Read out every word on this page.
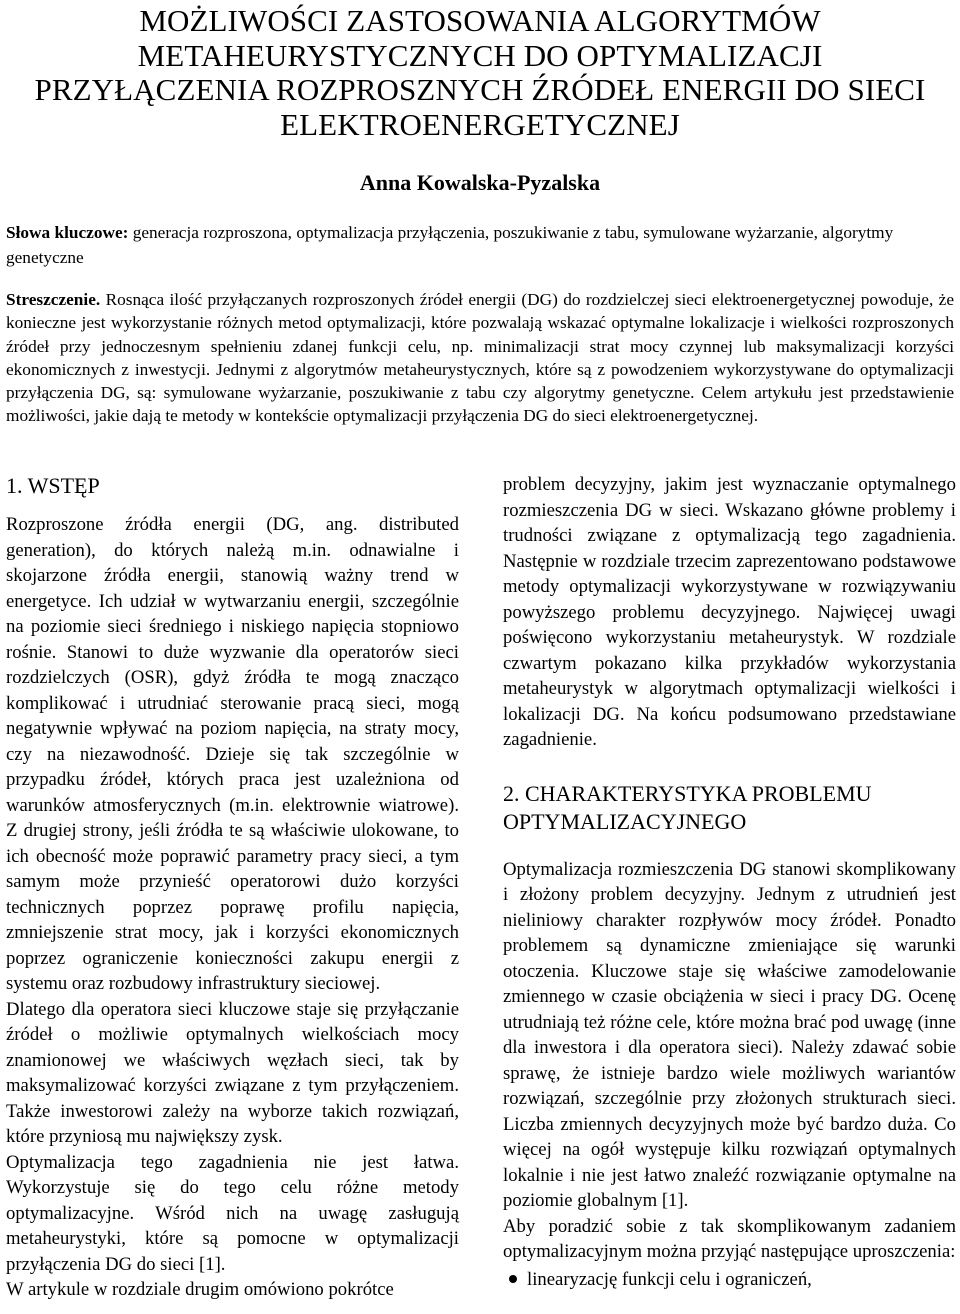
MOŻLIWOŚCI ZASTOSOWANIA ALGORYTMÓW
METAHEURYSTYCZNYCH DO OPTYMALIZACJI
PRZYŁĄCZENIA ROZPROSZNYCH ŹRÓDEŁ ENERGII DO SIECI
ELEKTROENERGETYCZNEJ
Anna Kowalska-Pyzalska
Słowa kluczowe: generacja rozproszona, optymalizacja przyłączenia, poszukiwanie z tabu, symulowane wyżarzanie, algorytmy genetyczne
Streszczenie. Rosnąca ilość przyłączanych rozproszonych źródeł energii (DG) do rozdzielczej sieci elektroenergetycznej powoduje, że konieczne jest wykorzystanie różnych metod optymalizacji, które pozwalają wskazać optymalne lokalizacje i wielkości rozproszonych źródeł przy jednoczesnym spełnieniu zdanej funkcji celu, np. minimalizacji strat mocy czynnej lub maksymalizacji korzyści ekonomicznych z inwestycji. Jednymi z algorytmów metaheurystycznych, które są z powodzeniem wykorzystywane do optymalizacji przyłączenia DG, są: symulowane wyżarzanie, poszukiwanie z tabu czy algorytmy genetyczne. Celem artykułu jest przedstawienie możliwości, jakie dają te metody w kontekście optymalizacji przyłączenia DG do sieci elektroenergetycznej.
1. WSTĘP

Rozproszone źródła energii (DG, ang. distributed generation), do których należą m.in. odnawialne i skojarzone źródła energii, stanowią ważny trend w energetyce. Ich udział w wytwarzaniu energii, szczególnie na poziomie sieci średniego i niskiego napięcia stopniowo rośnie. Stanowi to duże wyzwanie dla operatorów sieci rozdzielczych (OSR), gdyż źródła te mogą znacząco komplikować i utrudniać sterowanie pracą sieci, mogą negatywnie wpływać na poziom napięcia, na straty mocy, czy na niezawodność. Dzieje się tak szczególnie w przypadku źródeł, których praca jest uzależniona od warunków atmosferycznych (m.in. elektrownie wiatrowe). Z drugiej strony, jeśli źródła te są właściwie ulokowane, to ich obecność może poprawić parametry pracy sieci, a tym samym może przynieść operatorowi dużo korzyści technicznych poprzez poprawę profilu napięcia, zmniejszenie strat mocy, jak i korzyści ekonomicznych poprzez ograniczenie konieczności zakupu energii z systemu oraz rozbudowy infrastruktury sieciowej.

Dlatego dla operatora sieci kluczowe staje się przyłączanie źródeł o możliwie optymalnych wielkościach mocy znamionowej we właściwych węzłach sieci, tak by maksymalizować korzyści związane z tym przyłączeniem. Także inwestorowi zależy na wyborze takich rozwiązań, które przyniosą mu największy zysk.

Optymalizacja tego zagadnienia nie jest łatwa. Wykorzystuje się do tego celu różne metody optymalizacyjne. Wśród nich na uwagę zasługują metaheurystyki, które są pomocne w optymalizacji przyłączenia DG do sieci [1].

W artykule w rozdziale drugim omówiono pokrótce

problem decyzyjny, jakim jest wyznaczanie optymalnego rozmieszczenia DG w sieci. Wskazano główne problemy i trudności związane z optymalizacją tego zagadnienia. Następnie w rozdziale trzecim zaprezentowano podstawowe metody optymalizacji wykorzystywane w rozwiązywaniu powyższego problemu decyzyjnego. Najwięcej uwagi poświęcono wykorzystaniu metaheurystyk. W rozdziale czwartym pokazano kilka przykładów wykorzystania metaheurystyk w algorytmach optymalizacji wielkości i lokalizacji DG. Na końcu podsumowano przedstawiane zagadnienie.

2. CHARAKTERYSTYKA PROBLEMU
OPTYMALIZACYJNEGO

Optymalizacja rozmieszczenia DG stanowi skomplikowany i złożony problem decyzyjny. Jednym z utrudnień jest nieliniowy charakter rozpływów mocy źródeł. Ponadto problemem są dynamiczne zmieniające się warunki otoczenia. Kluczowe staje się właściwe zamodelowanie zmiennego w czasie obciążenia w sieci i pracy DG. Ocenę utrudniają też różne cele, które można brać pod uwagę (inne dla inwestora i dla operatora sieci). Należy zdawać sobie sprawę, że istnieje bardzo wiele możliwych wariantów rozwiązań, szczególnie przy złożonych strukturach sieci. Liczba zmiennych decyzyjnych może być bardzo duża. Co więcej na ogół występuje kilku rozwiązań optymalnych lokalnie i nie jest łatwo znaleźć rozwiązanie optymalne na poziomie globalnym [1].

Aby poradzić sobie z tak skomplikowanym zadaniem optymalizacyjnym można przyjąć następujące uproszczenia:

linearyzację funkcji celu i ograniczeń,
